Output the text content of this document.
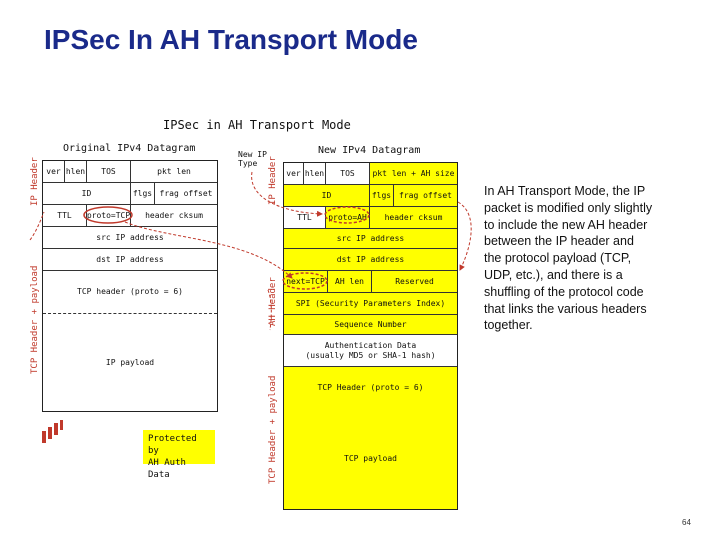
IPSec In AH Transport Mode
IPSec in AH Transport Mode
Original IPv4 Datagram
IP Header
TCP Header + payload
ver hlen	TOS	pkt len
ID	flgs frag offset
TTL	proto=TCP	header cksum
src IP address
dst IP address
TCP header (proto = 6)
IP payload
New IPv4 Datagram
New IP
Type	IP Header
AH Header
TCP Header + payload
ver hlen	TOS	pkt len + AH size
ID	flgs frag offset
TTL	proto=AH	header cksum
src IP address
dst IP address
next=TCP	AH len	Reserved
SPI (Security Parameters Index)
Sequence Number
Authentication Data
(usually MD5 or SHA-1 hash)
TCP Header (proto = 6)
TCP payload
Protected by
AH Auth Data
In AH Transport Mode, the IP packet is modified only slightly to include the new AH header between the IP header and the protocol payload (TCP, UDP, etc.), and there is a shuffling of the protocol code that links the various headers together.
64
